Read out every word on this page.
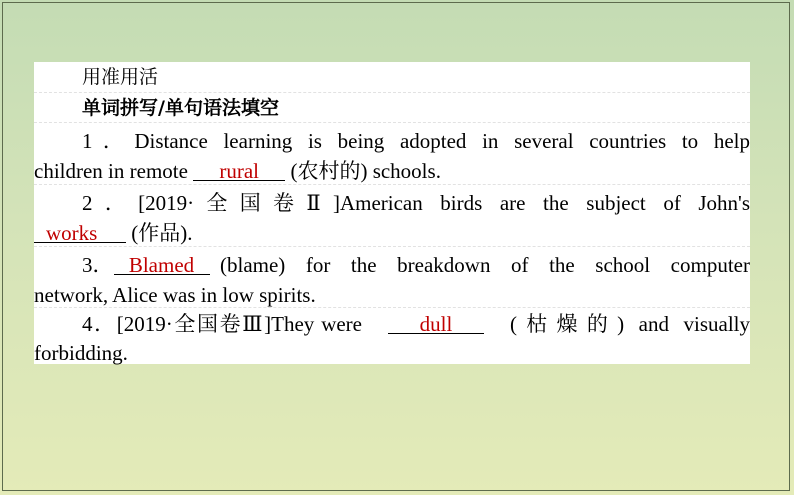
用准用活
单词拼写/单句语法填空
1．Distance learning is being adopted in several countries to help
children in remote rural (农村的) schools.
2．[2019·全国卷Ⅱ]American birds are the subject of John's
works (作品).
3． Blamed	(blame) for the breakdown of the school computer
network, Alice was in low spirits.
4．[2019·全国卷Ⅲ]They were	dull	(枯燥的) and visually
forbidding.
